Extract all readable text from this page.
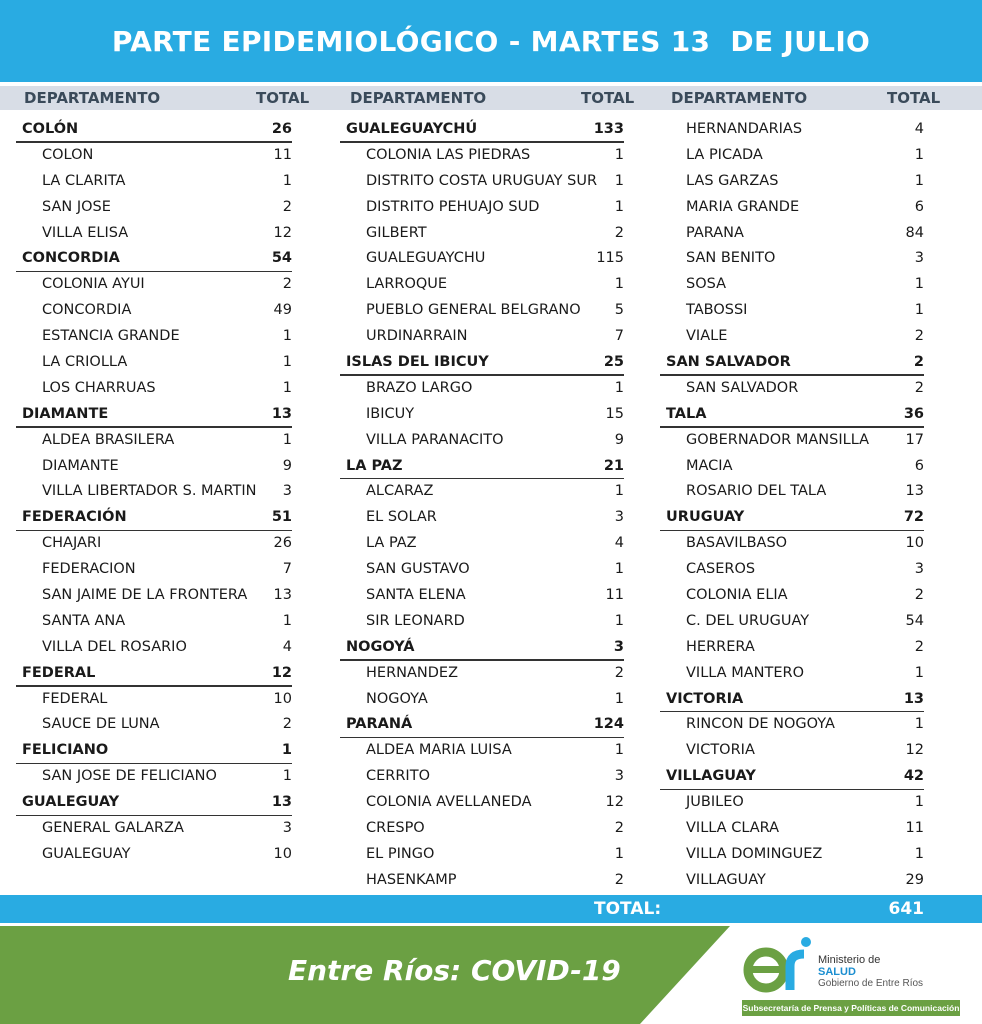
PARTE EPIDEMIOLÓGICO - MARTES 13  DE JULIO
DEPARTAMENTO	TOTAL	DEPARTAMENTO	TOTAL DEPARTAMENTO	TOTAL
COLÓN	26
COLON	11
LA CLARITA	1
SAN JOSE	2
VILLA ELISA	12
CONCORDIA	54
COLONIA AYUI	2
CONCORDIA	49
ESTANCIA GRANDE	1
LA CRIOLLA	1
LOS CHARRUAS	1
DIAMANTE	13
ALDEA BRASILERA	1
DIAMANTE	9
VILLA LIBERTADOR S. MARTIN 3
FEDERACIÓN	51
CHAJARI	26
FEDERACION	7
SAN JAIME DE LA FRONTERA 13
SANTA ANA	1
VILLA DEL ROSARIO	4
FEDERAL	12
FEDERAL	10
SAUCE DE LUNA	2
FELICIANO	1
SAN JOSE DE FELICIANO	1
GUALEGUAY	13
GENERAL GALARZA	3
GUALEGUAY	10
GUALEGUAYCHÚ	133
COLONIA LAS PIEDRAS	1
DISTRITO COSTA URUGUAY SUR 1
DISTRITO PEHUAJO SUD	1
GILBERT	2
GUALEGUAYCHU	115
LARROQUE	1
PUEBLO GENERAL BELGRANO 5
URDINARRAIN	7
ISLAS DEL IBICUY	25
BRAZO LARGO	1
IBICUY	15
VILLA PARANACITO	9
LA PAZ	21
ALCARAZ	1
EL SOLAR	3
LA PAZ	4
SAN GUSTAVO	1
SANTA ELENA	11
SIR LEONARD	1
NOGOYÁ	3
HERNANDEZ	2
NOGOYA	1
PARANÁ	124
ALDEA MARIA LUISA	1
CERRITO	3
COLONIA AVELLANEDA	12
CRESPO	2
EL PINGO	1
HASENKAMP	2
HERNANDARIAS	4
LA PICADA	1
LAS GARZAS	1
MARIA GRANDE	6
PARANA	84
SAN BENITO	3
SOSA	1
TABOSSI	1
VIALE	2
SAN SALVADOR	2
SAN SALVADOR	2
TALA	36
GOBERNADOR MANSILLA	17
MACIA	6
ROSARIO DEL TALA	13
URUGUAY	72
BASAVILBASO	10
CASEROS	3
COLONIA ELIA	2
C. DEL URUGUAY	54
HERRERA	2
VILLA MANTERO	1
VICTORIA	13
RINCON DE NOGOYA	1
VICTORIA	12
VILLAGUAY	42
JUBILEO	1
VILLA CLARA	11
VILLA DOMINGUEZ	1
VILLAGUAY	29
TOTAL:	641
Entre Ríos: COVID-19	Ministerio de
SALUD
Gobierno de Entre Ríos
Subsecretaría de Prensa y Políticas de Comunicación
